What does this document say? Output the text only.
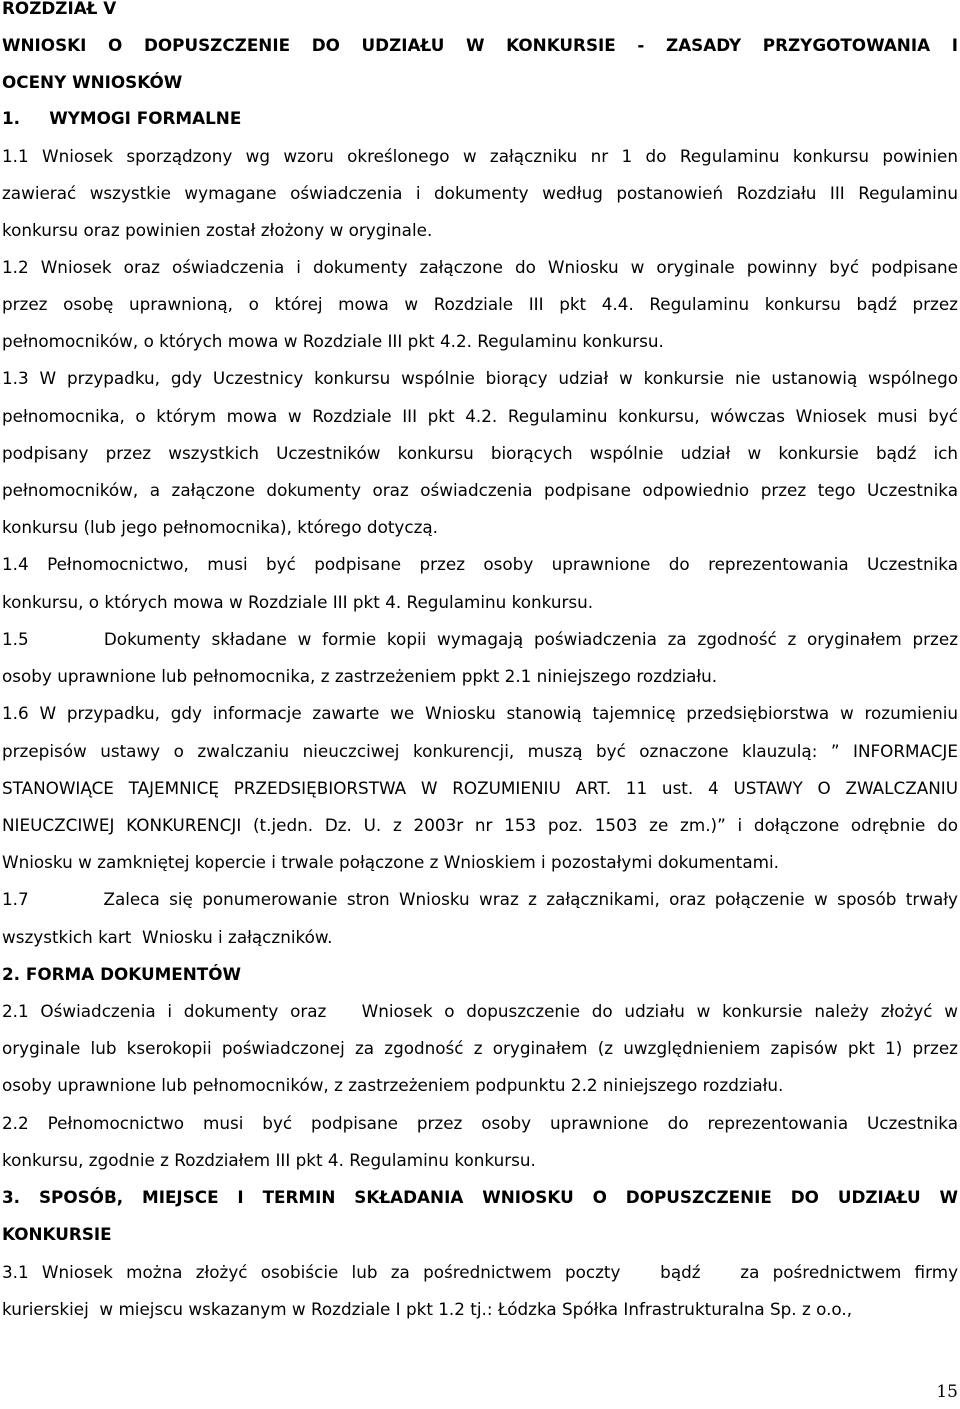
ROZDZIAŁ V
WNIOSKI O DOPUSZCZENIE DO UDZIAŁU W KONKURSIE - ZASADY PRZYGOTOWANIA I
OCENY WNIOSKÓW
1.     WYMOGI FORMALNE
1.1 Wniosek sporządzony wg wzoru określonego w załączniku nr 1 do Regulaminu konkursu powinien
zawierać wszystkie wymagane oświadczenia i dokumenty według postanowień Rozdziału III Regulaminu
konkursu oraz powinien został złożony w oryginale.
1.2 Wniosek oraz oświadczenia i dokumenty załączone do Wniosku w oryginale powinny być podpisane
przez osobę uprawnioną, o której mowa w Rozdziale III pkt 4.4. Regulaminu konkursu bądź przez
pełnomocników, o których mowa w Rozdziale III pkt 4.2. Regulaminu konkursu.
1.3 W przypadku, gdy Uczestnicy konkursu wspólnie biorący udział w konkursie nie ustanowią wspólnego
pełnomocnika, o którym mowa w Rozdziale III pkt 4.2. Regulaminu konkursu, wówczas Wniosek musi być
podpisany przez wszystkich Uczestników konkursu biorących wspólnie udział w konkursie bądź ich
pełnomocników, a załączone dokumenty oraz oświadczenia podpisane odpowiednio przez tego Uczestnika
konkursu (lub jego pełnomocnika), którego dotyczą.
1.4 Pełnomocnictwo, musi być podpisane przez osoby uprawnione do reprezentowania Uczestnika
konkursu, o których mowa w Rozdziale III pkt 4. Regulaminu konkursu.
1.5       Dokumenty składane w formie kopii wymagają poświadczenia za zgodność z oryginałem przez
osoby uprawnione lub pełnomocnika, z zastrzeżeniem ppkt 2.1 niniejszego rozdziału.
1.6 W przypadku, gdy informacje zawarte we Wniosku stanowią tajemnicę przedsiębiorstwa w rozumieniu
przepisów ustawy o zwalczaniu nieuczciwej konkurencji, muszą być oznaczone klauzulą: ” INFORMACJE
STANOWIĄCE TAJEMNICĘ PRZEDSIĘBIORSTWA W ROZUMIENIU ART. 11 ust. 4 USTAWY O ZWALCZANIU
NIEUCZCIWEJ KONKURENCJI (t.jedn. Dz. U. z 2003r nr 153 poz. 1503 ze zm.)” i dołączone odrębnie do
Wniosku w zamkniętej kopercie i trwale połączone z Wnioskiem i pozostałymi dokumentami.
1.7        Zaleca się ponumerowanie stron Wniosku wraz z załącznikami, oraz połączenie w sposób trwały
wszystkich kart  Wniosku i załączników.
2. FORMA DOKUMENTÓW
2.1 Oświadczenia i dokumenty oraz   Wniosek o dopuszczenie do udziału w konkursie należy złożyć w
oryginale lub kserokopii poświadczonej za zgodność z oryginałem (z uwzględnieniem zapisów pkt 1) przez
osoby uprawnione lub pełnomocników, z zastrzeżeniem podpunktu 2.2 niniejszego rozdziału.
2.2 Pełnomocnictwo musi być podpisane przez osoby uprawnione do reprezentowania Uczestnika
konkursu, zgodnie z Rozdziałem III pkt 4. Regulaminu konkursu.
3. SPOSÓB, MIEJSCE I TERMIN SKŁADANIA WNIOSKU O DOPUSZCZENIE DO UDZIAŁU W
KONKURSIE
3.1 Wniosek można złożyć osobiście lub za pośrednictwem poczty   bądź   za pośrednictwem firmy
kurierskiej  w miejscu wskazanym w Rozdziale I pkt 1.2 tj.: Łódzka Spółka Infrastrukturalna Sp. z o.o.,
15
